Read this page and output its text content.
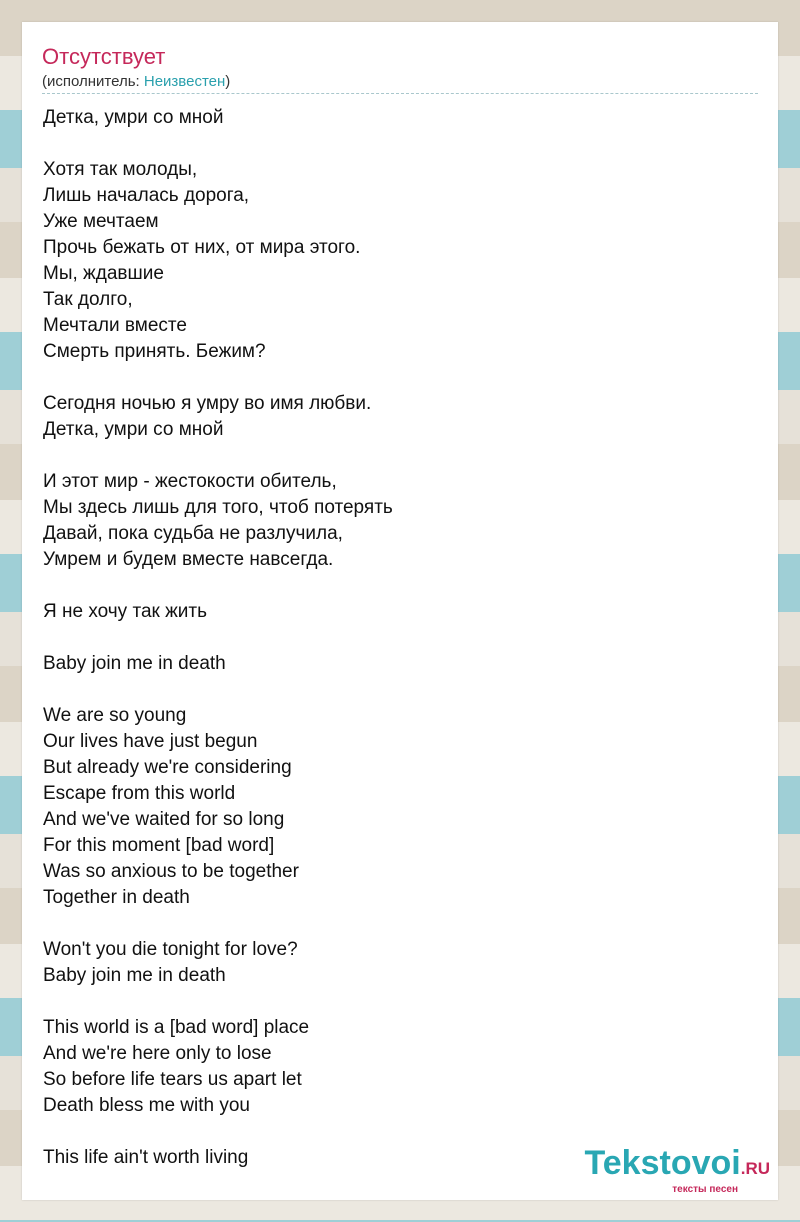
Отсутствует
(исполнитель: Неизвестен)
Детка, умри со мной
Хотя так молоды,
Лишь началась дорога,
Уже мечтаем
Прочь бежать от них, от мира этого.
Мы, ждавшие
Так долго,
Мечтали вместе
Смерть принять. Бежим?
Сегодня ночью я умру во имя любви.
Детка, умри со мной
И этот мир - жестокости обитель,
Мы здесь лишь для того, чтоб потерять
Давай, пока судьба не разлучила,
Умрем и будем вместе навсегда.
Я не хочу так жить
Baby join me in death
We are so young
Our lives have just begun
But already we're considering
Escape from this world
And we've waited for so long
For this moment [bad word]
Was so anxious to be together
Together in death
Won't you die tonight for love?
Baby join me in death
This world is a [bad word] place
And we're here only to lose
So before life tears us apart let
Death bless me with you
This life ain't worth living	Tekstovoi.RU
тексты песен
